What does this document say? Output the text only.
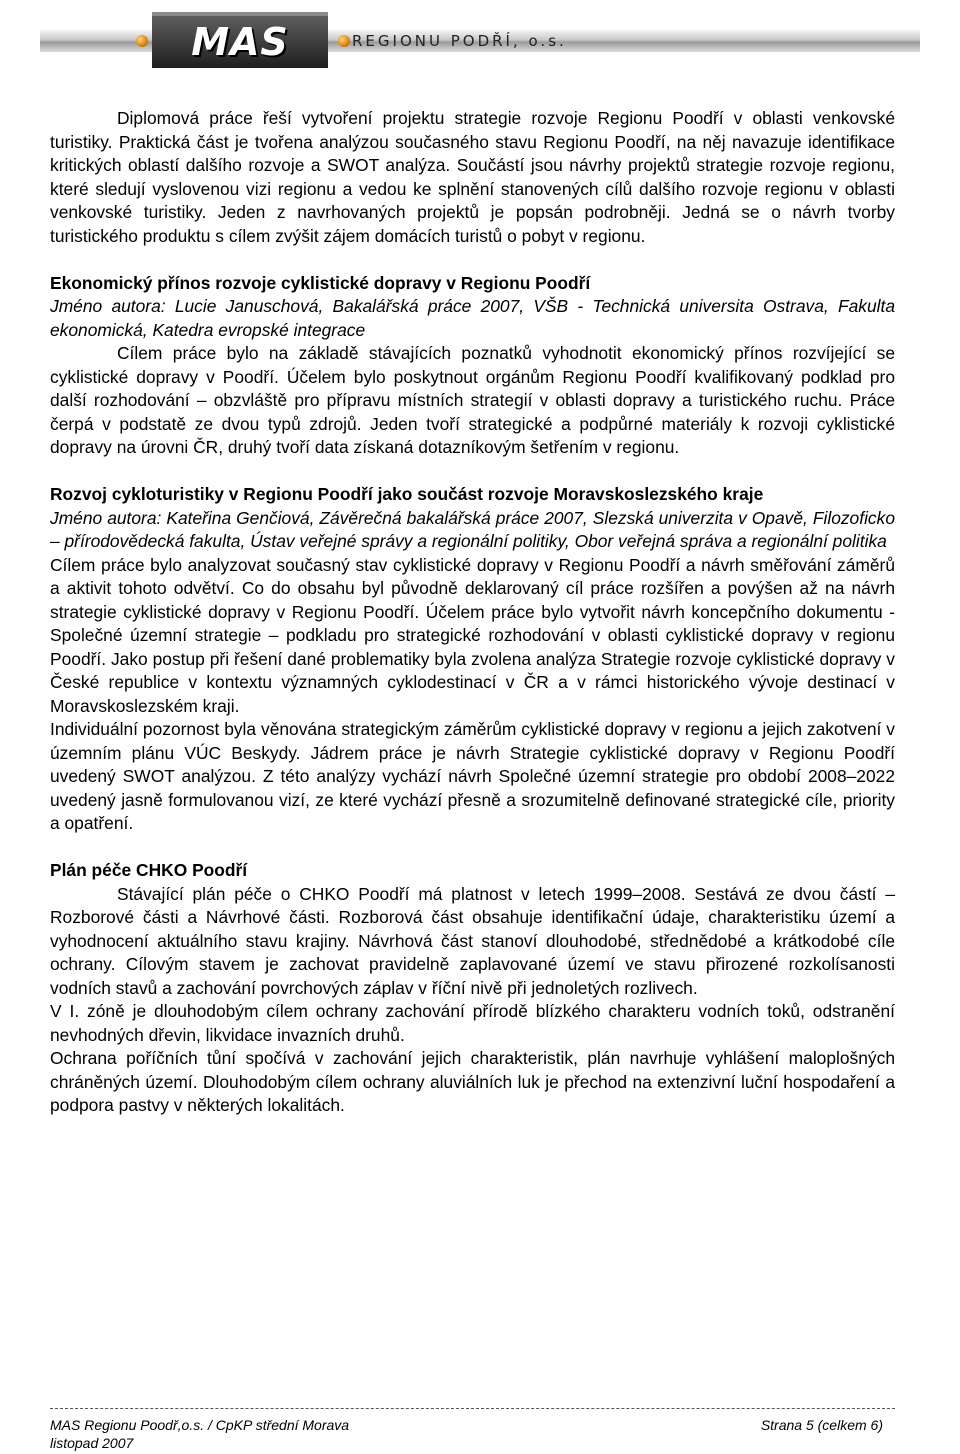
MAS	REGIONU PODŘÍ, o.s.

Diplomová práce řeší vytvoření projektu strategie rozvoje Regionu Poodří v oblasti venkovské turistiky. Praktická část je tvořena analýzou současného stavu Regionu Poodří, na něj navazuje identifikace kritických oblastí dalšího rozvoje a SWOT analýza. Součástí jsou návrhy projektů strategie rozvoje regionu, které sledují vyslovenou vizi regionu a vedou ke splnění stanovených cílů dalšího rozvoje regionu v oblasti venkovské turistiky. Jeden z navrhovaných projektů je popsán podrobněji. Jedná se o návrh tvorby turistického produktu s cílem zvýšit zájem domácích turistů o pobyt v regionu.

Ekonomický přínos rozvoje cyklistické dopravy v Regionu Poodří

Jméno autora: Lucie Januschová, Bakalářská práce 2007, VŠB - Technická universita Ostrava, Fakulta ekonomická, Katedra evropské integrace

Cílem práce bylo na základě stávajících poznatků vyhodnotit ekonomický přínos rozvíjející se cyklistické dopravy v Poodří. Účelem bylo poskytnout orgánům Regionu Poodří kvalifikovaný podklad pro další rozhodování – obzvláště pro přípravu místních strategií v oblasti dopravy a turistického ruchu. Práce čerpá v podstatě ze dvou typů zdrojů. Jeden tvoří strategické a podpůrné materiály k rozvoji cyklistické dopravy na úrovni ČR, druhý tvoří data získaná dotazníkovým šetřením v regionu.

Rozvoj cykloturistiky v Regionu Poodří jako součást rozvoje Moravskoslezského kraje

Jméno autora: Kateřina Genčiová, Závěrečná bakalářská práce 2007, Slezská univerzita v Opavě, Filozoficko – přírodovědecká fakulta, Ústav veřejné správy a regionální politiky, Obor veřejná správa a regionální politika

Cílem práce bylo analyzovat současný stav cyklistické dopravy v Regionu Poodří a návrh směřování záměrů a aktivit tohoto odvětví. Co do obsahu byl původně deklarovaný cíl práce rozšířen a povýšen až na návrh strategie cyklistické dopravy v Regionu Poodří. Účelem práce bylo vytvořit návrh koncepčního dokumentu - Společné územní strategie – podkladu pro strategické rozhodování v oblasti cyklistické dopravy v regionu Poodří. Jako postup při řešení dané problematiky byla zvolena analýza Strategie rozvoje cyklistické dopravy v České republice v kontextu významných cyklodestinací v ČR a v rámci historického vývoje destinací v Moravskoslezském kraji.

Individuální pozornost byla věnována strategickým záměrům cyklistické dopravy v regionu a jejich zakotvení v územním plánu VÚC Beskydy. Jádrem práce je návrh Strategie cyklistické dopravy v Regionu Poodří uvedený SWOT analýzou. Z této analýzy vychází návrh Společné územní strategie pro období 2008–2022 uvedený jasně formulovanou vizí, ze které vychází přesně a srozumitelně definované strategické cíle, priority a opatření.

Plán péče CHKO Poodří

Stávající plán péče o CHKO Poodří má platnost v letech 1999–2008. Sestává ze dvou částí – Rozborové části a Návrhové části. Rozborová část obsahuje identifikační údaje, charakteristiku území a vyhodnocení aktuálního stavu krajiny. Návrhová část stanoví dlouhodobé, střednědobé a krátkodobé cíle ochrany. Cílovým stavem je zachovat pravidelně zaplavované území ve stavu přirozené rozkolísanosti vodních stavů a zachování povrchových záplav v říční nivě při jednoletých rozlivech.

V I. zóně je dlouhodobým cílem ochrany zachování přírodě blízkého charakteru vodních toků, odstranění nevhodných dřevin, likvidace invazních druhů.

Ochrana poříčních tůní spočívá v zachování jejich charakteristik, plán navrhuje vyhlášení maloplošných chráněných území. Dlouhodobým cílem ochrany aluviálních luk je přechod na extenzivní luční hospodaření a podpora pastvy v některých lokalitách.

MAS Regionu Poodř,o.s. / CpKP střední Morava	Strana 5 (celkem 6)
listopad 2007
